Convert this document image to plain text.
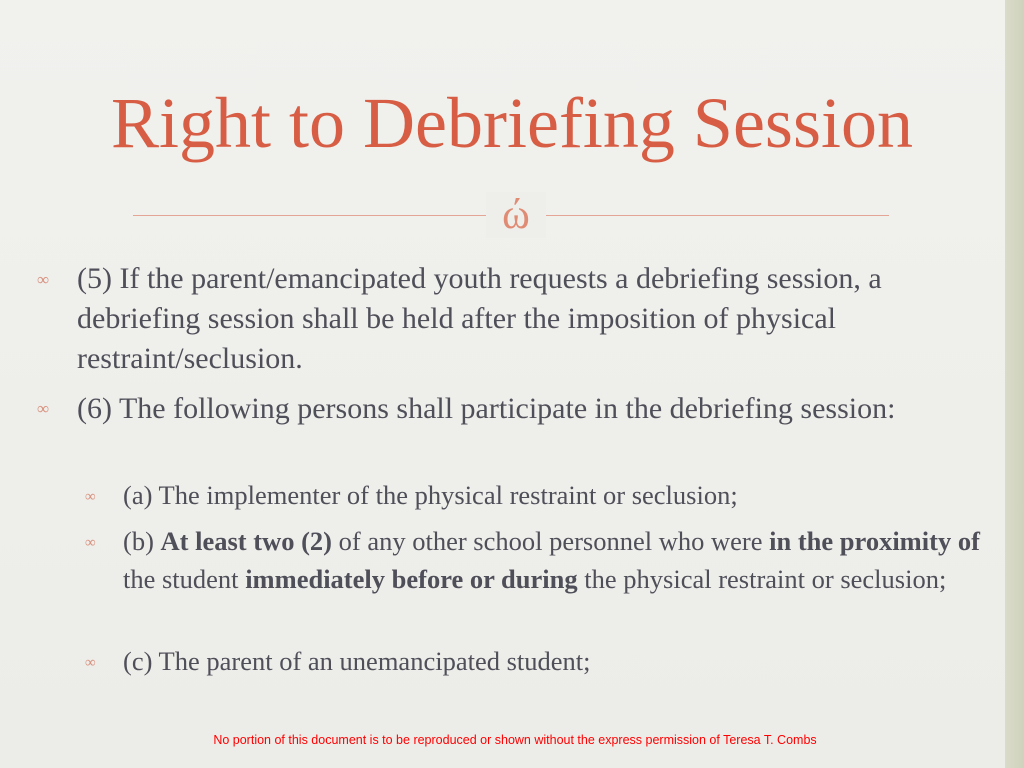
Right to Debriefing Session
ώ
∞ (5) If the parent/emancipated youth requests a debriefing session, a debriefing session shall be held after the imposition of physical restraint/seclusion.

∞ (6) The following persons shall participate in the debriefing session:

∞ (a) The implementer of the physical restraint or seclusion;

∞ (b) At least two (2) of any other school personnel who were in the proximity of the student immediately before or during the physical restraint or seclusion;

∞ (c) The parent of an unemancipated student;

No portion of this document is to be reproduced or shown without the express permission of Teresa T. Combs
